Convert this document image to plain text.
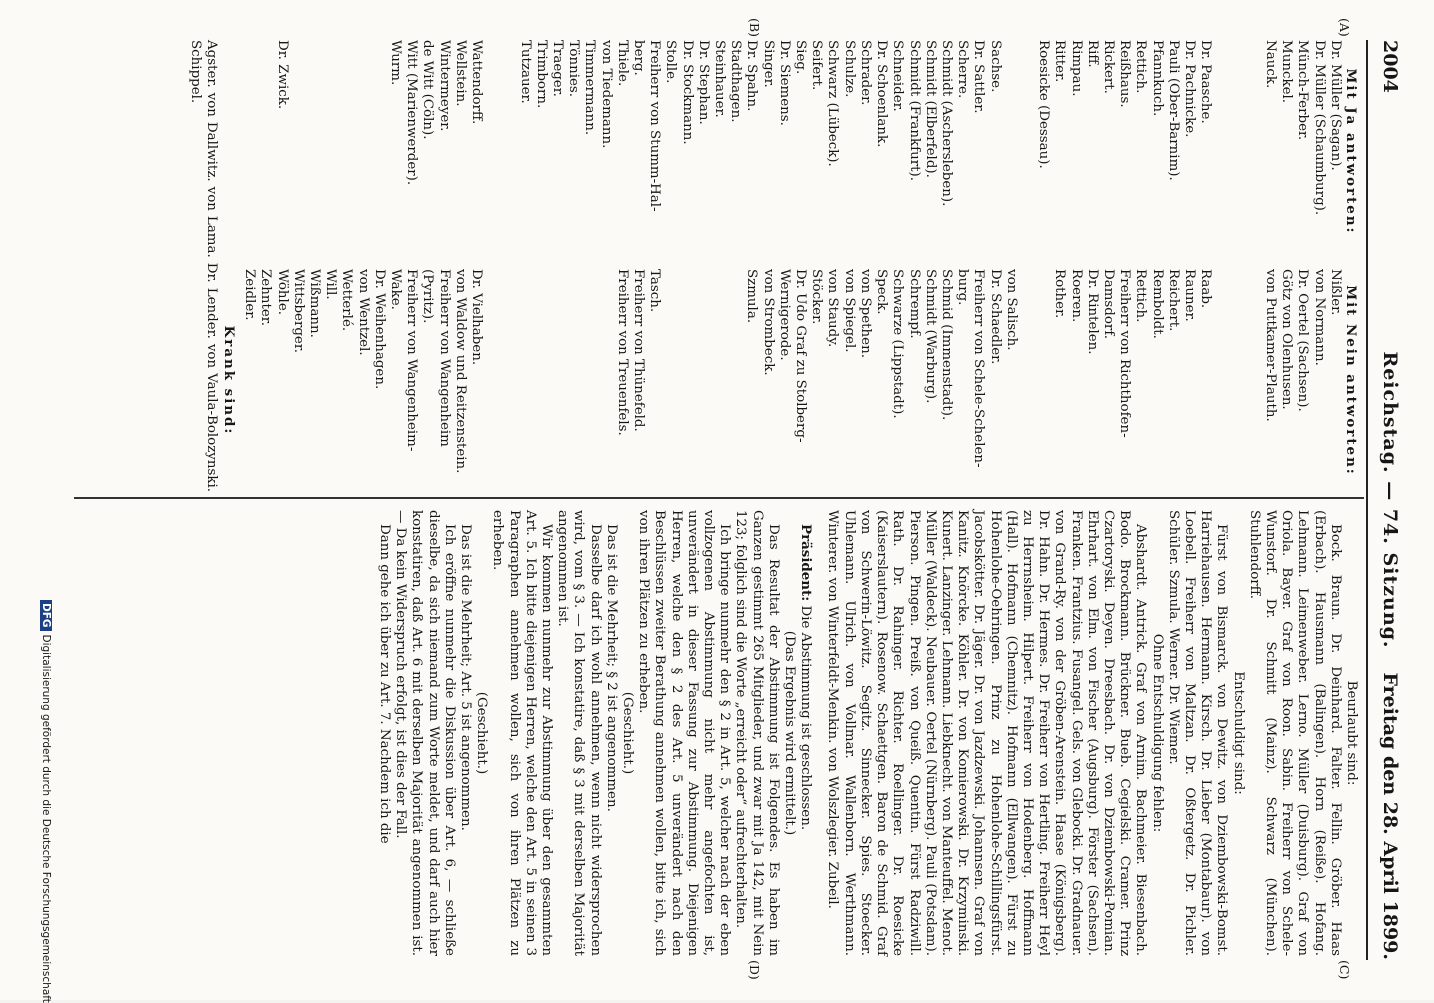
2004
Reichstag. — 74. Sitzung.
Freitag den 28. April 1899.
(A)
(B)
(C)
(D)
Mit Ja antworten:
Dr. Müller (Sagan).
Dr. Müller (Schaumburg).
Münch-Ferber.
Munckel.
Nauck.

Dr. Paasche.
Dr. Pachnicke.
Pauli (Ober-Barnim).
Pfannkuch.
Rettich.
Reißhaus.
Rickert.
Riff.
Rimpau.
Ritter.
Roesicke (Dessau).

Sachse.
Dr. Sattler.
Scherre.
Schmidt (Aschersleben).
Schmidt (Elberfeld).
Schmidt (Frankfurt).
Schneider.
Dr. Schoenlank.
Schrader.
Schulze.
Schwarz (Lübeck).
Seifert.
Sieg.
Dr. Siemens.
Singer.
Dr. Spahn.
Stadthagen.
Steinhauer.
Dr. Stephan.
Dr. Stockmann.
Stolle.
Freiherr von Stumm-Hal-
berg.
Thiele.
von Tiedemann.
Timmermann.
Tönnies.
Traeger.
Trimborn.
Tutzauer.

Wattendorff.
Wellstein.
Wintermeyer.
de Witt (Cöln).
Witt (Marienwerder).
Wurm.

Dr. Zwick.
Mit Nein antworten:
Nißler.
von Normann.
Dr. Oertel (Sachsen).
Götz von Olenhusen.
von Puttkamer-Plauth.

Raab.
Rauner.
Reichert.
Remboldt.
Rettich.
Freiherr von Richthofen-
Damsdorf.
Dr. Rintelen.
Roeren.
Rother.

von Salisch.
Dr. Schaedler.
Freiherr von Schele-Schelen-
burg.
Schmid (Immenstadt).
Schmidt (Warburg).
Schrempf.
Schwarze (Lippstadt).
Speck.
von Spethen.
von Spiegel.
von Staudy.
Stöcker.
Dr. Udo Graf zu Stolberg-
Wernigerode.
von Strombeck.
Szmula.

Tasch.
Freiherr von Thünefeld.
Freiherr von Treuenfels.

Dr. Vielhaben.
von Waldow und Reitzenstein.
Freiherr von Wangenheim
(Pyritz).
Freiherr von Wangenheim-
Wake.
Dr. Weihenhagen.
von Wentzel.
Wetterlé.
Will.
Wißmann.
Wittsberger.
Wöhle.
Zehnter.
Zeidler.
Krank sind:
Agster. von Dallwitz. von Lama. Dr. Lender. von Vaula-Bolozynski. Schippel.
Beurlaubt sind:

Bock. Braun. Dr. Deinhard. Falter. Fellin. Gröber. Haas (Erbach). Hausmann (Balingen). Horn (Reiße). Hofang. Lehmann. Leimenweber. Lerno. Müller (Duisburg). Graf von Oriola. Bayer. Graf von Roon. Sabin. Freiherr von Schele-Wunstorf. Dr. Schmitt (Mainz). Schwarz (München). Stuhlendorff.

Entschuldigt sind:

Fürst von Bismarck. von Dewitz. von Dziembowski-Bomst. Harriehausen. Hermann. Kirsch. Dr. Lieber (Montabaur). von Loebell. Freiherr von Maltzan. Dr. Oßtergetz. Dr. Pichler. Schüler. Szmula. Werner. Dr. Wiemer.

Ohne Entschuldigung fehlen:

Abshardt. Antrick. Graf von Arnim. Bachmeier. Biesenbach. Bodo. Brockmann. Brückner. Bueb. Cegielski. Cramer. Prinz Czartoryski. Deyen. Dreesbach. Dr. von Dziembowski-Pomian. Ehrhart. von Elm. von Fischer (Augsburg). Förster (Sachsen). Franken. Frantzius. Fusangel. Gels. von Glebocki. Dr. Gradnauer. von Grand-Ry. von der Gröben-Arenstein. Haase (Königsberg). Dr. Hahn. Dr. Hermes. Dr. Freiherr von Hertling. Freiherr Heyl zu Herrnsheim. Hilpert. Freiherr von Hodenberg. Hoffmann (Hall). Hofmann (Chemnitz). Hofmann (Ellwangen). Fürst zu Hohenlohe-Oehringen. Prinz zu Hohenlohe-Schillingsfürst. Jacobskötter. Dr. Jäger. Dr. von Jazdzewski. Johannsen. Graf von Kanitz. Knörcke. Köhler. Dr. von Komierowski. Dr. Krzyminski. Kunert. Lanzinger. Lehmann. Liebknecht. von Manteuffel. Menot. Müller (Waldeck). Neubauer. Oertel (Nürnberg). Pauli (Potsdam). Pierson. Pingen. Preiß. von Queiß. Quentin. Fürst Radziwill. Rath. Dr. Rahinger. Richter. Roellinger. Dr. Roesicke (Kaiserslautern). Rosenow. Schaettgen. Baron de Schmid. Graf von Schwerin-Löwitz. Segitz. Sinnecker. Spies. Stoecker. Uhlemann. Ulrich. von Vollmar. Wallenborn. Werthmann. Winterer. von Winterfeldt-Menkin. von Wolszlegier. Zubeil.

Präsident: Die Abstimmung ist geschlossen.

(Das Ergebnis wird ermittelt.)

Das Resultat der Abstimmung ist Folgendes. Es haben im Ganzen gestimmt 265 Mitglieder, und zwar mit Ja 142, mit Nein 123; folglich sind die Worte „erreicht oder“ aufrechterhalten.

Ich bringe nunmehr den § 2 in Art. 5, welcher nach der eben vollzogenen Abstimmung nicht mehr angefochten ist, unverändert in dieser Fassung zur Abstimmung. Diejenigen Herren, welche den § 2 des Art. 5 unverändert nach den Beschlüssen zweiter Berathung annehmen wollen, bitte ich, sich von ihren Plätzen zu erheben.

(Geschieht.)

Das ist die Mehrheit; § 2 ist angenommen.

Dasselbe darf ich wohl annehmen, wenn nicht widersprochen wird, vom § 3. — Ich konstatire, daß § 3 mit derselben Majorität angenommen ist.

Wir kommen nunmehr zur Abstimmung über den gesammten Art. 5. Ich bitte diejenigen Herren, welche den Art. 5 in seinen 3 Paragraphen annehmen wollen, sich von ihren Plätzen zu erheben.

(Geschieht.)

Das ist die Mehrheit; Art. 5 ist angenommen.

Ich eröffne nunmehr die Diskussion über Art. 6, — schließe dieselbe, da sich niemand zum Worte meldet, und darf auch hier konstatiren, daß Art. 6 mit derselben Majorität angenommen ist. — Da kein Widerspruch erfolgt, ist dies der Fall.

Dann gehe ich über zu Art. 7. Nachdem ich die

DFGDigitalisierung gefördert durch die Deutsche Forschungsgemeinschaft
